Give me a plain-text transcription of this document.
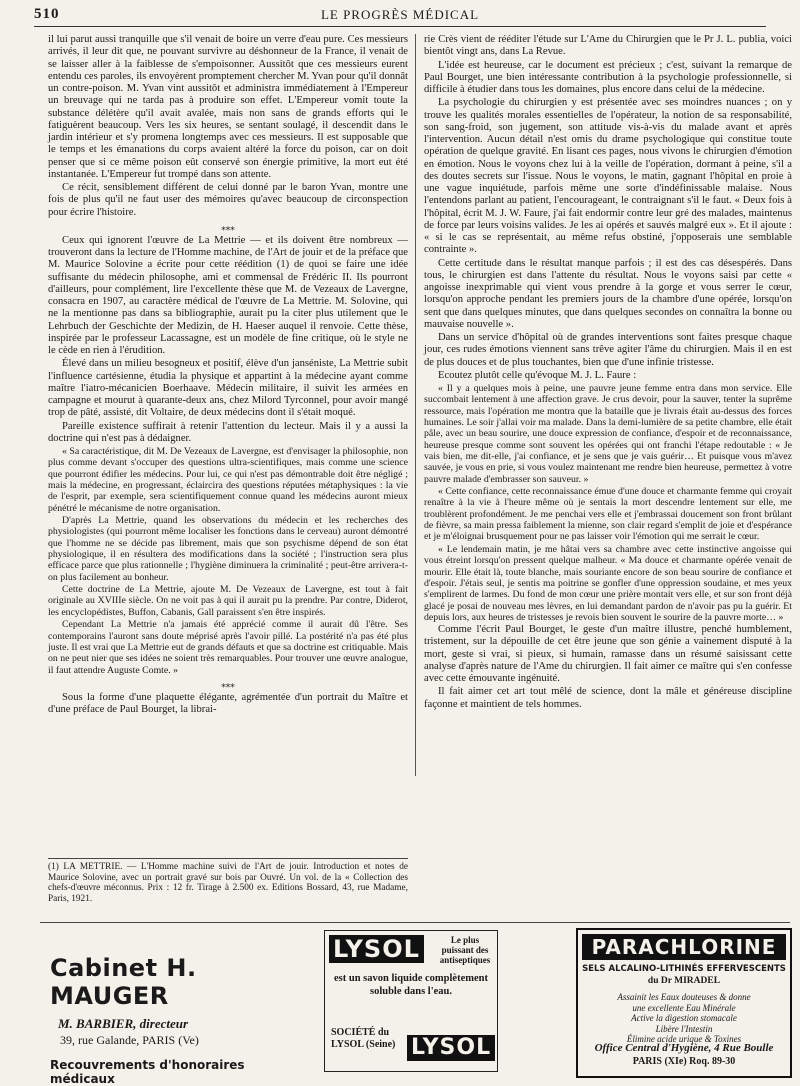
510	LE PROGRÈS MÉDICAL

il lui parut aussi tranquille que s'il venait de boire un verre d'eau pure. Ces messieurs arrivés, il leur dit que, ne pouvant survivre au déshonneur de la France, il venait de se laisser aller à la faiblesse de s'empoisonner. Aussitôt que ces messieurs eurent entendu ces paroles, ils envoyèrent promptement chercher M. Yvan pour qu'il donnât un contre-poison. M. Yvan vint aussitôt et administra immédiatement à l'Empereur un breuvage qui ne tarda pas à produire son effet. L'Empereur vomit toute la substance délétère qu'il avait avalée, mais non sans de grands efforts qui le fatiguèrent beaucoup. Vers les six heures, se sentant soulagé, il descendit dans le jardin intérieur et s'y promena longtemps avec ces messieurs. Il est supposable que le temps et les émanations du corps avaient altéré la force du poison, car on doit penser que si ce même poison eût conservé son énergie primitive, la mort eut été instantanée. L'Empereur fut trompé dans son attente.

Ce récit, sensiblement différent de celui donné par le baron Yvan, montre une fois de plus qu'il ne faut user des mémoires qu'avec beaucoup de circonspection pour écrire l'histoire.

⁎⁎⁎

Ceux qui ignorent l'œuvre de La Mettrie — et ils doivent être nombreux — trouveront dans la lecture de l'Homme machine, de l'Art de jouir et de la préface que M. Maurice Solovine a écrite pour cette réédition (1) de quoi se faire une idée suffisante du médecin philosophe, ami et commensal de Frédéric II. Ils pourront d'ailleurs, pour complément, lire l'excellente thèse que M. de Vezeaux de Lavergne, consacra en 1907, au caractère médical de l'œuvre de La Mettrie. M. Solovine, qui ne la mentionne pas dans sa bibliographie, aurait pu la citer plus utilement que le Lehrbuch der Geschichte der Medizin, de H. Haeser auquel il renvoie. Cette thèse, inspirée par le professeur Lacassagne, est un modèle de fine critique, où le style ne le cède en rien à l'érudition.

Élevé dans un milieu besogneux et positif, élève d'un janséniste, La Mettrie subit l'influence cartésienne, étudia la physique et appartint à la médecine ayant comme maître l'iatro-mécanicien Boerhaave. Médecin militaire, il suivit les armées en campagne et mourut à quarante-deux ans, chez Milord Tyrconnel, pour avoir mangé trop de pâté, assisté, dit Voltaire, de deux médecins dont il s'était moqué.

Pareille existence suffirait à retenir l'attention du lecteur. Mais il y a aussi la doctrine qui n'est pas à dédaigner.

« Sa caractéristique, dit M. De Vezeaux de Lavergne, est d'envisager la philosophie, non plus comme devant s'occuper des questions ultra-scientifiques, mais comme une science que pourront édifier les médecins. Pour lui, ce qui n'est pas démontrable doit être négligé ; mais la médecine, en progressant, éclaircira des questions réputées métaphysiques : la vie de l'esprit, par exemple, sera scientifiquement connue quand les médecins auront mieux pénétré le mécanisme de notre organisation.

D'après La Mettrie, quand les observations du médecin et les recherches des physiologistes (qui pourront même localiser les fonctions dans le cerveau) auront démontré que l'homme ne se décide pas librement, mais que son psychisme dépend de son état physiologique, il en résultera des modifications dans la société ; l'instruction sera plus efficace parce que plus rationnelle ; l'hygiène diminuera la criminalité ; peut-être arrivera-t-on plus facilement au bonheur.

Cette doctrine de La Mettrie, ajoute M. De Vezeaux de Lavergne, est tout à fait originale au XVIIIe siècle. On ne voit pas à qui il aurait pu la prendre. Par contre, Diderot, les encyclopédistes, Buffon, Cabanis, Gall paraissent s'en être inspirés.

Cependant La Mettrie n'a jamais été apprécié comme il aurait dû l'être. Ses contemporains l'auront sans doute méprisé après l'avoir pillé. La postérité n'a pas été plus juste. Il est vrai que La Mettrie eut de grands défauts et que sa doctrine est critiquable. Mais on ne peut nier que ses idées ne soient très remarquables. Pour trouver une œuvre analogue, il faut attendre Auguste Comte. »

⁎⁎⁎

Sous la forme d'une plaquette élégante, agrémentée d'un portrait du Maître et d'une préface de Paul Bourget, la librai-

rie Crès vient de rééditer l'étude sur L'Ame du Chirurgien que le Pr J. L. publia, voici bientôt vingt ans, dans La Revue.

L'idée est heureuse, car le document est précieux ; c'est, suivant la remarque de Paul Bourget, une bien intéressante contribution à la psychologie professionnelle, si difficile à étudier dans tous les domaines, plus encore dans celui de la médecine.

La psychologie du chirurgien y est présentée avec ses moindres nuances ; on y trouve les qualités morales essentielles de l'opérateur, la notion de sa responsabilité, son sang-froid, son jugement, son attitude vis-à-vis du malade avant et après l'intervention. Aucun détail n'est omis du drame psychologique qui constitue toute opération de quelque gravité. En lisant ces pages, nous vivons le chirurgien d'émotion en émotion. Nous le voyons chez lui à la veille de l'opération, dormant à peine, s'il a des doutes secrets sur l'issue. Nous le voyons, le matin, gagnant l'hôpital en proie à une vague inquiétude, parfois même une sorte d'indéfinissable malaise. Nous l'entendons parlant au patient, l'encourageant, le contraignant s'il le faut. « Deux fois à l'hôpital, écrit M. J. W. Faure, j'ai fait endormir contre leur gré des malades, maintenus de force par leurs voisins valides. Je les ai opérés et sauvés malgré eux ». Et il ajoute : « si le cas se représentait, au même refus obstiné, j'opposerais une semblable contrainte ».

Cette certitude dans le résultat manque parfois ; il est des cas désespérés. Dans tous, le chirurgien est dans l'attente du résultat. Nous le voyons saisi par cette « angoisse inexprimable qui vient vous prendre à la gorge et vous serrer le cœur, lorsqu'on approche pendant les premiers jours de la chambre d'une opérée, lorsqu'on sent que dans quelques minutes, que dans quelques secondes on connaîtra la bonne ou mauvaise nouvelle ».

Dans un service d'hôpital où de grandes interventions sont faites presque chaque jour, ces rudes émotions viennent sans trêve agiter l'âme du chirurgien. Mais il en est de plus douces et de plus touchantes, bien que d'une infinie tristesse.

Ecoutez plutôt celle qu'évoque M. J. L. Faure :

« Il y a quelques mois à peine, une pauvre jeune femme entra dans mon service. Elle succombait lentement à une affection grave. Je crus devoir, pour la sauver, tenter la suprême ressource, mais l'opération me montra que la bataille que je livrais était au-dessus des forces humaines. Le soir j'allai voir ma malade. Dans la demi-lumière de sa petite chambre, elle était pâle, avec un beau sourire, une douce expression de confiance, d'espoir et de reconnaissance, heureuse presque comme sont souvent les opérées qui ont franchi l'étape redoutable : « Je vais bien, me dit-elle, j'ai confiance, et je sens que je vais guérir… Et puisque vous m'avez sauvée, je vous en prie, si vous voulez maintenant me rendre bien heureuse, permettez à votre pauvre malade d'embrasser son sauveur. »

« Cette confiance, cette reconnaissance émue d'une douce et charmante femme qui croyait renaître à la vie à l'heure même où je sentais la mort descendre lentement sur elle, me troublèrent profondément. Je me penchai vers elle et j'embrassai doucement son front brûlant de fièvre, sa main pressa faiblement la mienne, son clair regard s'emplit de joie et d'espérance et je m'éloignai brusquement pour ne pas laisser voir l'émotion qui me serrait le cœur.

« Le lendemain matin, je me hâtai vers sa chambre avec cette instinctive angoisse qui vous étreint lorsqu'on pressent quelque malheur. « Ma douce et charmante opérée venait de mourir. Elle était là, toute blanche, mais souriante encore de son beau sourire de confiance et d'espoir. J'étais seul, je sentis ma poitrine se gonfler d'une oppression soudaine, et mes yeux s'emplirent de larmes. Du fond de mon cœur une prière montait vers elle, et sur son front déjà glacé je posai de nouveau mes lèvres, en lui demandant pardon de n'avoir pas pu la guérir. Et depuis lors, aux heures de tristesses je revois bien souvent le sourire de la pauvre morte… »

Comme l'écrit Paul Bourget, le geste d'un maître illustre, penché humblement, tristement, sur la dépouille de cet être jeune que son génie a vainement disputé à la mort, geste si vrai, si pieux, si humain, ramasse dans un résumé saisissant cette analyse d'après nature de l'Ame du chirurgien. Il fait aimer ce maître qui s'en confesse avec cette émouvante ingénuité.

Il fait aimer cet art tout mêlé de science, dont la mâle et généreuse discipline façonne et maintient de tels hommes.

(1) LA METTRIE. — L'Homme machine suivi de l'Art de jouir. Introduction et notes de Maurice Solovine, avec un portrait gravé sur bois par Ouvré. Un vol. de la « Collection des chefs-d'œuvre méconnus. Prix : 12 fr. Tirage à 2.500 ex. Editions Bossard, 43, rue Madame, Paris, 1921.
Cabinet H. MAUGER
M. BARBIER, directeur
39, rue Galande, PARIS (Ve)
Recouvrements d'honoraires médicaux
LYSOL	Le plus puissant des antiseptiques
est un savon liquide complètement soluble dans l'eau.
SOCIÉTÉ du LYSOL (Seine) LYSOL
PARACHLORINE
SELS ALCALINO-LITHINÉS EFFERVESCENTS
du Dr MIRADEL
Assainit les Eaux douteuses & donne
une excellente Eau Minérale
Active la digestion stomacale
Libère l'Intestin
Élimine acide urique & Toxines
Office Central d'Hygiène, 4 Rue Boulle
PARIS (XIe) Roq. 89-30
